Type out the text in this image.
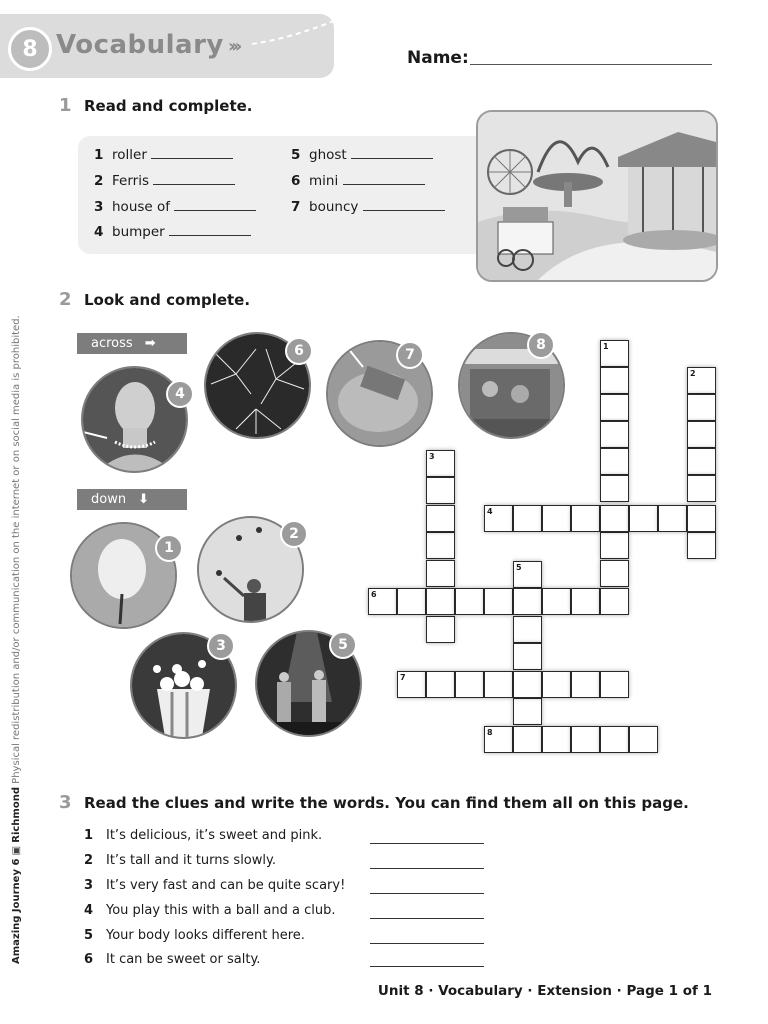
8 Vocabulary ›››
Name:
1 Read and complete.
1 roller
2 Ferris
3 house of
4 bumper
5 ghost
6 mini
7 bouncy
2 Look and complete.
across ➡
down ⬇
4
6	7
8
1
2
3	5
1
2
3
4
5
6
7
8
3 Read the clues and write the words. You can find them all on this page.
1 It’s delicious, it’s sweet and pink.
2 It’s tall and it turns slowly.
3 It’s very fast and can be quite scary!
4 You play this with a ball and a club.
5 Your body looks different here.
6 It can be sweet or salty.
Amazing Journey 6 ▣ Richmond Physical redistribution and/or communication on the internet or on social media is prohibited.
Unit 8 · Vocabulary · Extension · Page 1 of 1
